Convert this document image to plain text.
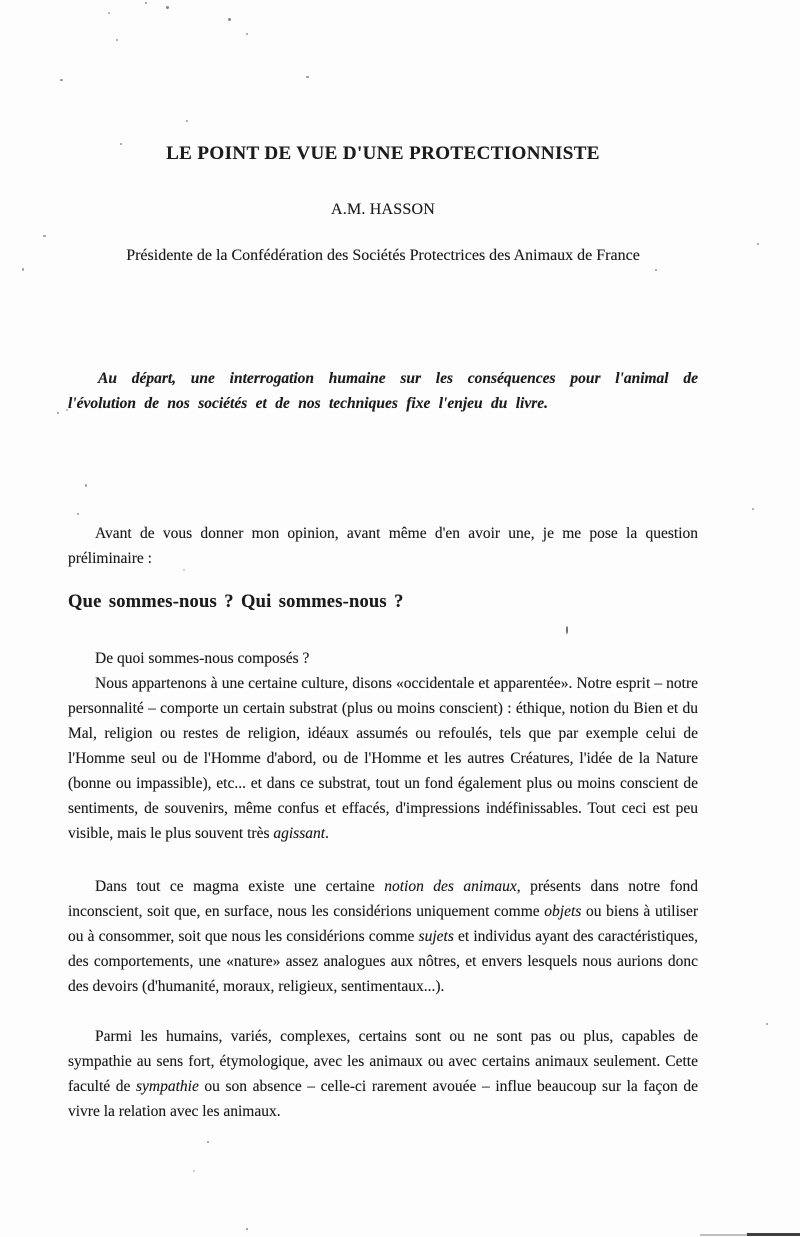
LE POINT DE VUE D'UNE PROTECTIONNISTE
A.M. HASSON
Présidente de la Confédération des Sociétés Protectrices des Animaux de France

Au départ, une interrogation humaine sur les conséquences pour l'animal de l'évolution de nos sociétés et de nos techniques fixe l'enjeu du livre.

Avant de vous donner mon opinion, avant même d'en avoir une, je me pose la question préliminaire :

Que sommes-nous ? Qui sommes-nous ?

De quoi sommes-nous composés ?

Nous appartenons à une certaine culture, disons «occidentale et apparentée». Notre esprit – notre personnalité – comporte un certain substrat (plus ou moins conscient) : éthique, notion du Bien et du Mal, religion ou restes de religion, idéaux assumés ou refoulés, tels que par exemple celui de l'Homme seul ou de l'Homme d'abord, ou de l'Homme et les autres Créatures, l'idée de la Nature (bonne ou impassible), etc... et dans ce substrat, tout un fond également plus ou moins conscient de sentiments, de souvenirs, même confus et effacés, d'impressions indéfinissables. Tout ceci est peu visible, mais le plus souvent très agissant.

Dans tout ce magma existe une certaine notion des animaux, présents dans notre fond inconscient, soit que, en surface, nous les considérions uniquement comme objets ou biens à utiliser ou à consommer, soit que nous les considérions comme sujets et individus ayant des caractéristiques, des comportements, une «nature» assez analogues aux nôtres, et envers lesquels nous aurions donc des devoirs (d'humanité, moraux, religieux, sentimentaux...).

Parmi les humains, variés, complexes, certains sont ou ne sont pas ou plus, capables de sympathie au sens fort, étymologique, avec les animaux ou avec certains animaux seulement. Cette faculté de sympathie ou son absence – celle-ci rarement avouée – influe beaucoup sur la façon de vivre la relation avec les animaux.
